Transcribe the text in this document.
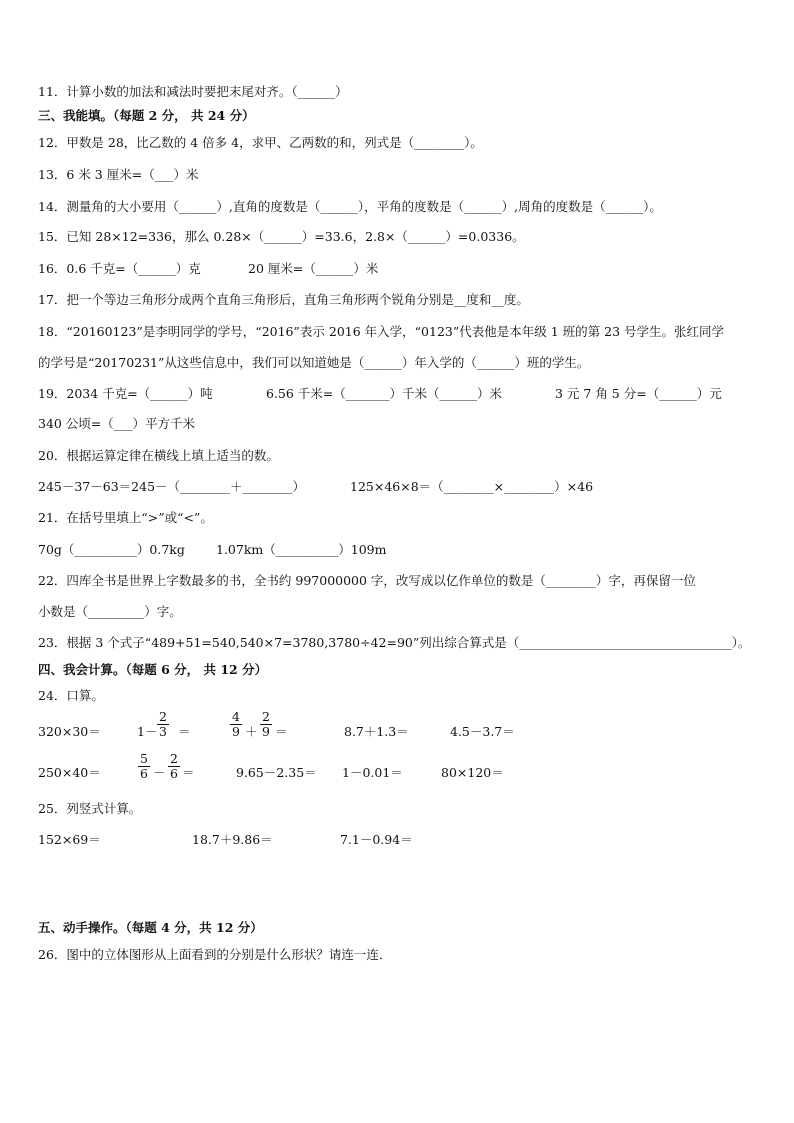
11．计算小数的加法和减法时要把末尾对齐。（______）
三、我能填。（每题 2 分， 共 24 分）
12．甲数是 28，比乙数的 4 倍多 4，求甲、乙两数的和，列式是（________）。
13．6 米 3 厘米=（___）米
14．测量角的大小要用（______）,直角的度数是（______），平角的度数是（______）,周角的度数是（______）。
15．已知 28×12=336，那么 0.28×（______）=33.6，2.8×（______）=0.0336。
16．0.6 千克=（______）克	20 厘米=（______）米
17．把一个等边三角形分成两个直角三角形后，直角三角形两个锐角分别是__度和__度。
18．“20160123”是李明同学的学号，“2016”表示 2016 年入学，“0123”代表他是本年级 1 班的第 23 号学生。张红同学
的学号是“20170231”从这些信息中，我们可以知道她是（______）年入学的（______）班的学生。
19．2034 千克=（______）吨	6.56 千米=（_______）千米（______）米	3 元 7 角 5 分=（______）元
340 公顷=（___）平方千米
20．根据运算定律在横线上填上适当的数。
245－37－63＝245－（________＋________）	125×46×8＝（________×________）×46
21．在括号里填上“>”或“<”。
70g（__________）0.7kg 1.07km（__________）109m
22．四库全书是世界上字数最多的书，全书约 997000000 字，改写成以亿作单位的数是（________）字，再保留一位
小数是（_________）字。
23．根据 3 个式子“489+51=540,540×7=3780,3780÷42=90”列出综合算式是（__________________________________）。
四、我会计算。（每题 6 分， 共 12 分）
24．口算。
320×30＝	$1- \frac{2}{3}$ ＝	$\frac{4}{9} + \frac{2}{9}$ ＝	8.7＋1.3＝	4.5－3.7＝
250×40＝	$\frac{5}{6} - \frac{2}{6}$ ＝	9.65－2.35＝ 1－0.01＝	80×120＝
25．列竖式计算。
152×69＝	18.7＋9.86＝	7.1－0.94＝
五、动手操作。（每题 4 分，共 12 分）
26．图中的立体图形从上面看到的分别是什么形状？请连一连．
